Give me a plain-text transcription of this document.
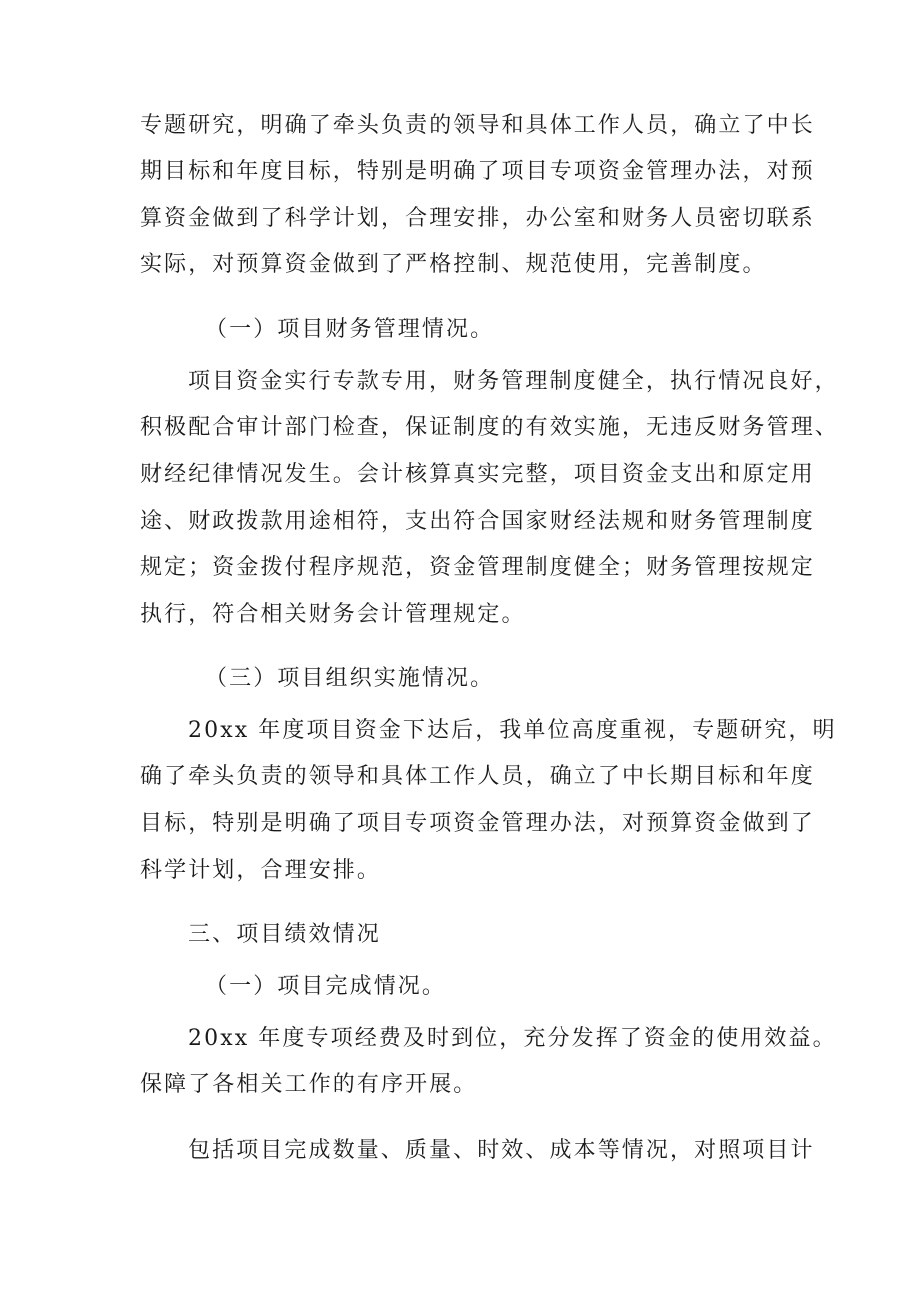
专题研究，明确了牵头负责的领导和具体工作人员，确立了中长
期目标和年度目标，特别是明确了项目专项资金管理办法，对预
算资金做到了科学计划，合理安排，办公室和财务人员密切联系
实际，对预算资金做到了严格控制、规范使用，完善制度。
（一）项目财务管理情况。
项目资金实行专款专用，财务管理制度健全，执行情况良好，
积极配合审计部门检查，保证制度的有效实施，无违反财务管理、
财经纪律情况发生。会计核算真实完整，项目资金支出和原定用
途、财政拨款用途相符，支出符合国家财经法规和财务管理制度
规定；资金拨付程序规范，资金管理制度健全；财务管理按规定
执行，符合相关财务会计管理规定。
（三）项目组织实施情况。
20xx 年度项目资金下达后，我单位高度重视，专题研究，明
确了牵头负责的领导和具体工作人员，确立了中长期目标和年度
目标，特别是明确了项目专项资金管理办法，对预算资金做到了
科学计划，合理安排。
三、项目绩效情况
（一）项目完成情况。
20xx 年度专项经费及时到位，充分发挥了资金的使用效益。
保障了各相关工作的有序开展。
包括项目完成数量、质量、时效、成本等情况，对照项目计
